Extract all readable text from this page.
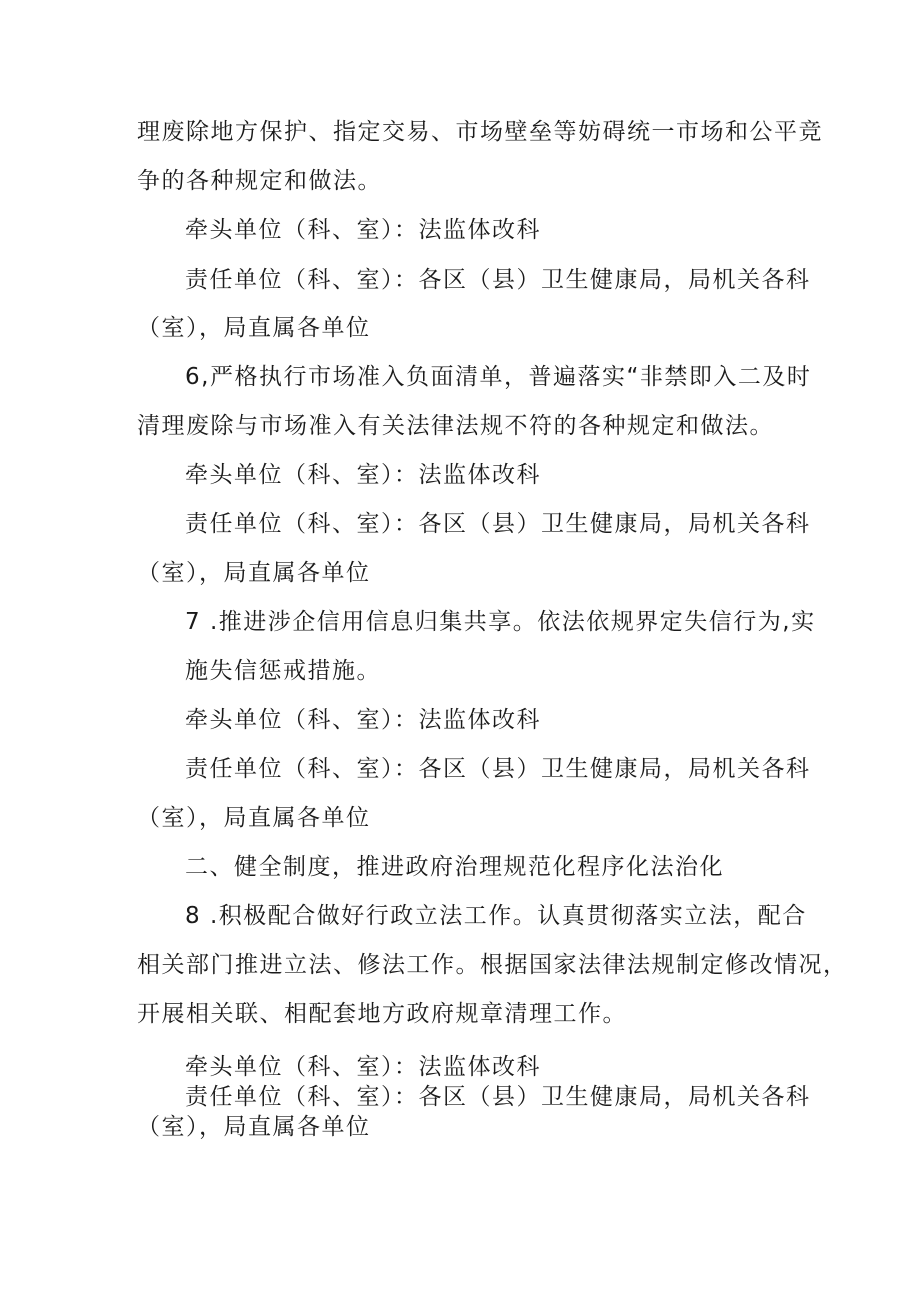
理废除地方保护、指定交易、市场壁垒等妨碍统一市场和公平竞
争的各种规定和做法。
牵头单位（科、室）：法监体改科
责任单位（科、室）：各区（县）卫生健康局，局机关各科
（室），局直属各单位
6,严格执行市场准入负面清单，普遍落实“非禁即入二及时
清理废除与市场准入有关法律法规不符的各种规定和做法。
牵头单位（科、室）：法监体改科
责任单位（科、室）：各区（县）卫生健康局，局机关各科
（室），局直属各单位
7 .推进涉企信用信息归集共享。依法依规界定失信行为,实
施失信惩戒措施。
牵头单位（科、室）：法监体改科
责任单位（科、室）：各区（县）卫生健康局，局机关各科
（室），局直属各单位
二、健全制度，推进政府治理规范化程序化法治化
8 .积极配合做好行政立法工作。认真贯彻落实立法，配合
相关部门推进立法、修法工作。根据国家法律法规制定修改情况，
开展相关联、相配套地方政府规章清理工作。
牵头单位（科、室）：法监体改科
责任单位（科、室）：各区（县）卫生健康局，局机关各科
（室），局直属各单位
